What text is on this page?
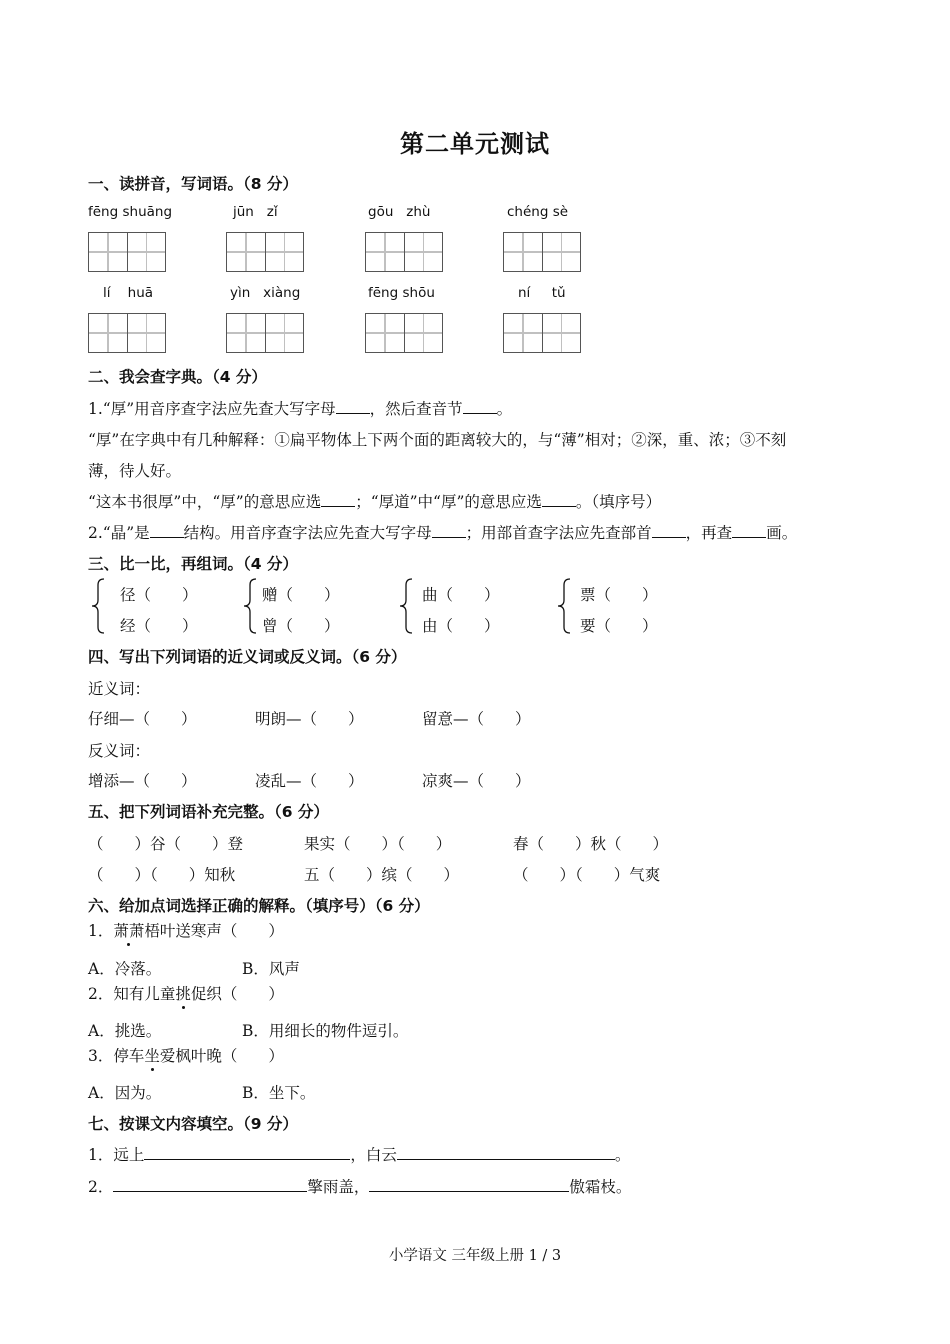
第二单元测试
一、读拼音，写词语。（8 分）
fēng shuāng	jūn   zǐ	gōu   zhù	chéng sè
lí    huā	yìn   xiàng	fēng shōu	ní     tǔ
二、我会查字典。（4 分）
1.“厚”用音序查字法应先查大写字母 ，然后查音节 。
“厚”在字典中有几种解释：①扁平物体上下两个面的距离较大的，与“薄”相对；②深，重、浓；③不刻
薄，待人好。
“这本书很厚”中，“厚”的意思应选 ；“厚道”中“厚”的意思应选 。（填序号）
2.“晶”是 结构。用音序查字法应先查大写字母 ；用部首查字法应先查部首 ，再查 画。
三、比一比，再组词。（4 分）
径（　　）
经（　　）
赠（　　）
曾（　　）
曲（　　）
由（　　）
票（　　）
要（　　）
四、写出下列词语的近义词或反义词。（6 分）
近义词：
仔细—（　　）	明朗—（　　）	留意—（　　）
反义词：
增添—（　　）	凌乱—（　　）	凉爽—（　　）
五、把下列词语补充完整。（6 分）
（　　）谷（　　）登	果实（　　）（　　）	春（　　）秋（　　）
（　　）（　　）知秋	五（　　）缤（　　）	（　　）（　　）气爽
六、给加点词选择正确的解释。（填序号）（6 分）
1．萧萧梧叶送寒声（　　）
A．冷落。	B．风声
2．知有儿童挑促织（　　）
A．挑选。	B．用细长的物件逗引。
3．停车坐爱枫叶晚（　　）
A．因为。	B．坐下。
七、按课文内容填空。（9 分）
1．远上	，白云	。
2．	擎雨盖，	傲霜枝。
小学语文 三年级上册 1 / 3
